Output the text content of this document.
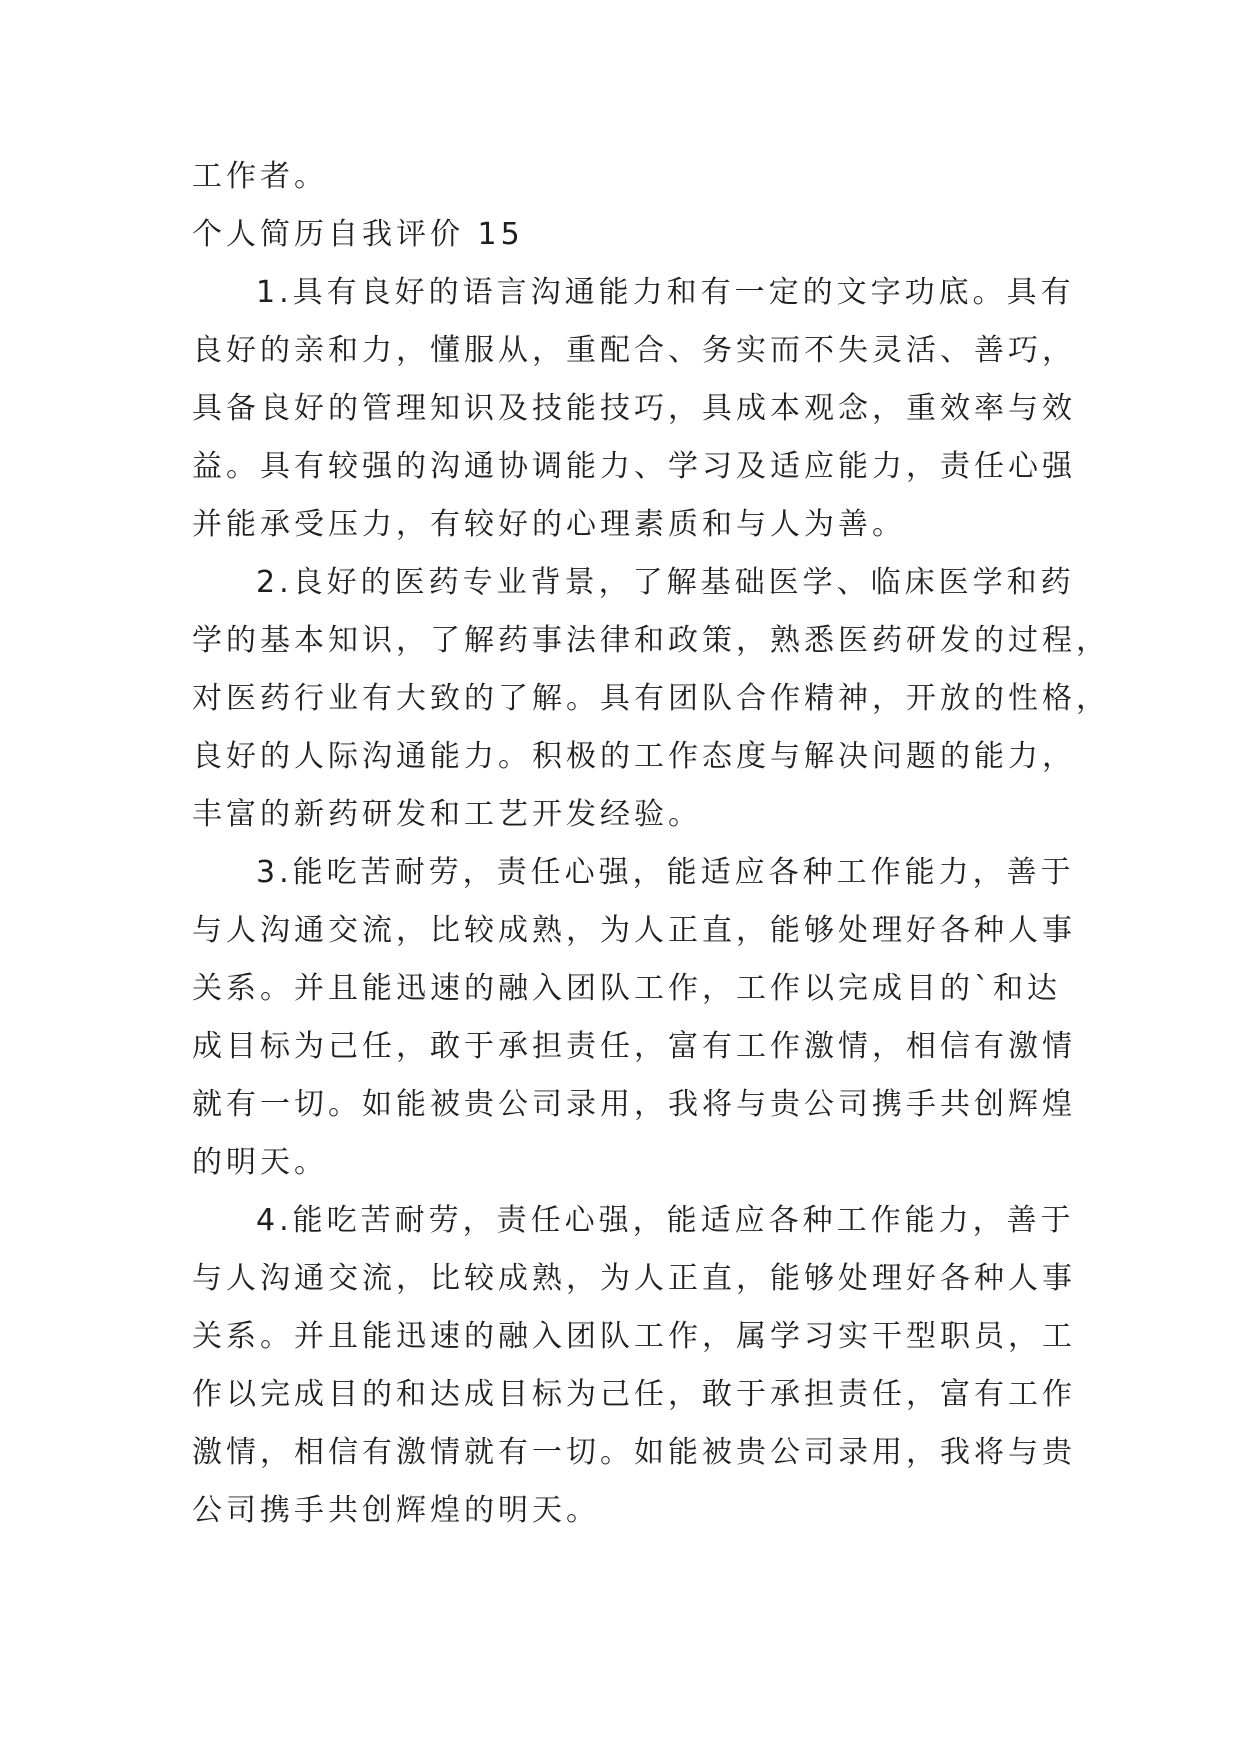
工作者。
个人简历自我评价 15
1.具有良好的语言沟通能力和有一定的文字功底。具有
良好的亲和力，懂服从，重配合、务实而不失灵活、善巧，
具备良好的管理知识及技能技巧，具成本观念，重效率与效
益。具有较强的沟通协调能力、学习及适应能力，责任心强
并能承受压力，有较好的心理素质和与人为善。
2.良好的医药专业背景，了解基础医学、临床医学和药
学的基本知识，了解药事法律和政策，熟悉医药研发的过程，
对医药行业有大致的了解。具有团队合作精神，开放的性格，
良好的人际沟通能力。积极的工作态度与解决问题的能力，
丰富的新药研发和工艺开发经验。
3.能吃苦耐劳，责任心强，能适应各种工作能力，善于
与人沟通交流，比较成熟，为人正直，能够处理好各种人事
关系。并且能迅速的融入团队工作，工作以完成目的`和达
成目标为己任，敢于承担责任，富有工作激情，相信有激情
就有一切。如能被贵公司录用，我将与贵公司携手共创辉煌
的明天。
4.能吃苦耐劳，责任心强，能适应各种工作能力，善于
与人沟通交流，比较成熟，为人正直，能够处理好各种人事
关系。并且能迅速的融入团队工作，属学习实干型职员，工
作以完成目的和达成目标为己任，敢于承担责任，富有工作
激情，相信有激情就有一切。如能被贵公司录用，我将与贵
公司携手共创辉煌的明天。
